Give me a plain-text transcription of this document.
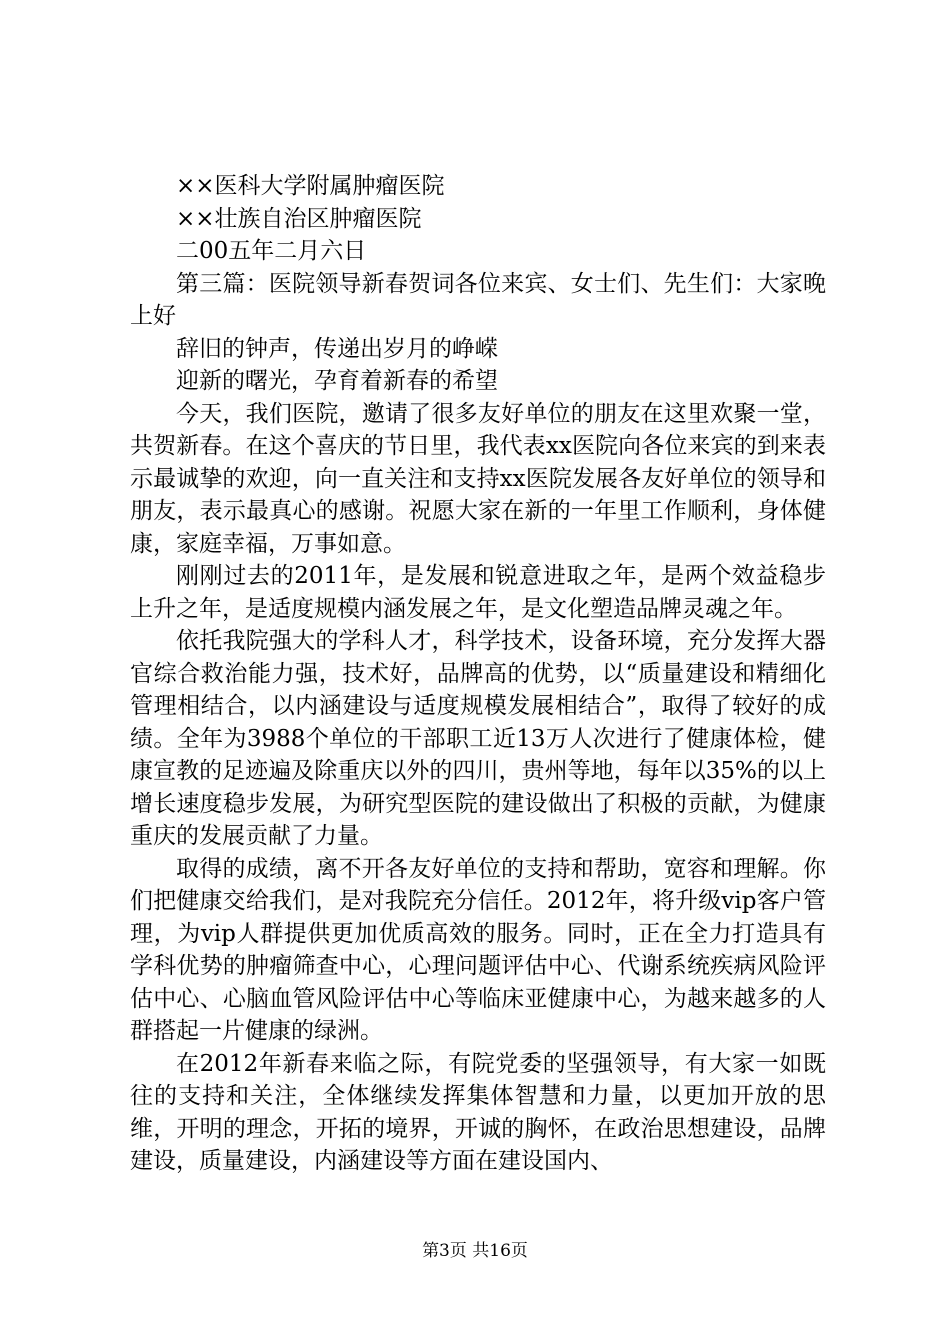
××医科大学附属肿瘤医院
××壮族自治区肿瘤医院
二00五年二月六日

第三篇：医院领导新春贺词各位来宾、女士们、先生们：大家晚上好

辞旧的钟声，传递出岁月的峥嵘

迎新的曙光，孕育着新春的希望

今天，我们医院，邀请了很多友好单位的朋友在这里欢聚一堂，共贺新春。在这个喜庆的节日里，我代表xx医院向各位来宾的到来表示最诚挚的欢迎，向一直关注和支持xx医院发展各友好单位的领导和朋友，表示最真心的感谢。祝愿大家在新的一年里工作顺利，身体健康，家庭幸福，万事如意。

刚刚过去的2011年，是发展和锐意进取之年，是两个效益稳步上升之年，是适度规模内涵发展之年，是文化塑造品牌灵魂之年。

依托我院强大的学科人才，科学技术，设备环境，充分发挥大器官综合救治能力强，技术好，品牌高的优势，以“质量建设和精细化管理相结合，以内涵建设与适度规模发展相结合”，取得了较好的成绩。全年为3988个单位的干部职工近13万人次进行了健康体检，健康宣教的足迹遍及除重庆以外的四川，贵州等地，每年以35%的以上增长速度稳步发展，为研究型医院的建设做出了积极的贡献，为健康重庆的发展贡献了力量。

取得的成绩，离不开各友好单位的支持和帮助，宽容和理解。你们把健康交给我们，是对我院充分信任。2012年，将升级vip客户管理，为vip人群提供更加优质高效的服务。同时，正在全力打造具有学科优势的肿瘤筛查中心，心理问题评估中心、代谢系统疾病风险评估中心、心脑血管风险评估中心等临床亚健康中心，为越来越多的人群搭起一片健康的绿洲。

在2012年新春来临之际，有院党委的坚强领导，有大家一如既往的支持和关注，全体继续发挥集体智慧和力量，以更加开放的思维，开明的理念，开拓的境界，开诚的胸怀，在政治思想建设，品牌建设，质量建设，内涵建设等方面在建设国内、

第3页 共16页
